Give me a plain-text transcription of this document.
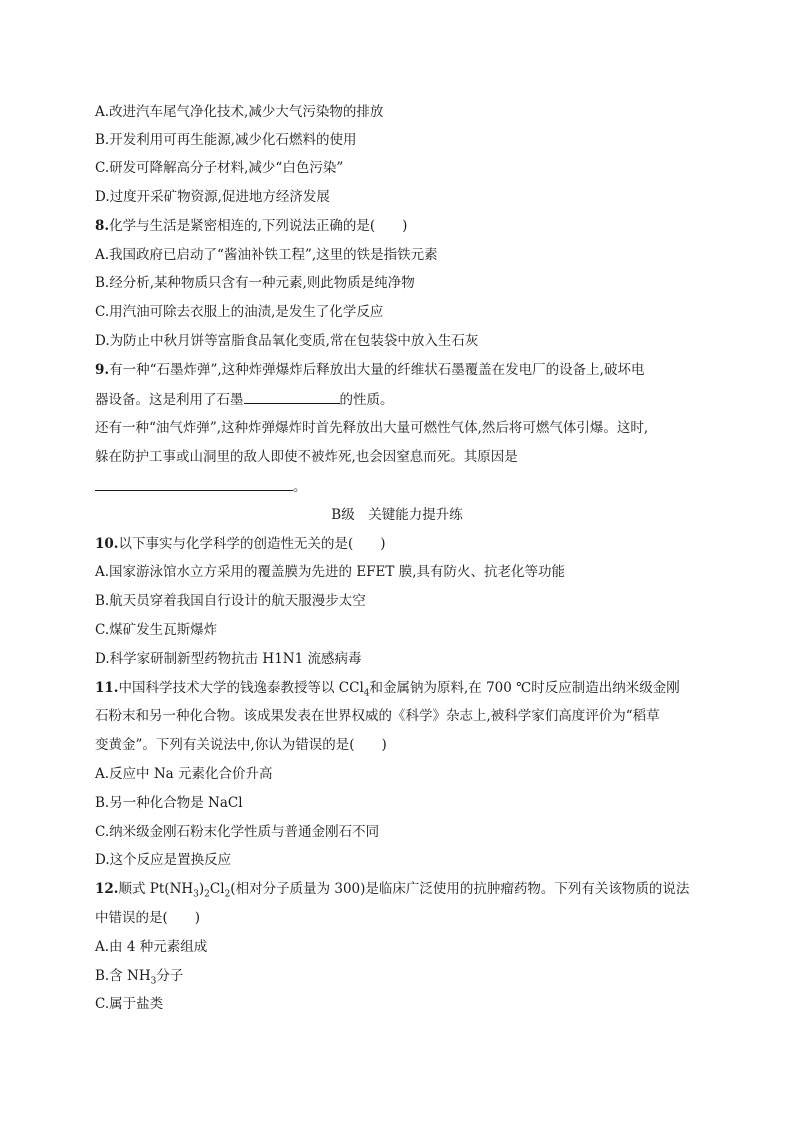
A.改进汽车尾气净化技术,减少大气污染物的排放
B.开发利用可再生能源,减少化石燃料的使用
C.研发可降解高分子材料,减少“白色污染”
D.过度开采矿物资源,促进地方经济发展
8.化学与生活是紧密相连的,下列说法正确的是(　　)
A.我国政府已启动了“酱油补铁工程”,这里的铁是指铁元素
B.经分析,某种物质只含有一种元素,则此物质是纯净物
C.用汽油可除去衣服上的油渍,是发生了化学反应
D.为防止中秋月饼等富脂食品氧化变质,常在包装袋中放入生石灰
9.有一种“石墨炸弹”,这种炸弹爆炸后释放出大量的纤维状石墨覆盖在发电厂的设备上,破坏电
器设备。这是利用了石墨	的性质。
还有一种“油气炸弹”,这种炸弹爆炸时首先释放出大量可燃性气体,然后将可燃气体引爆。这时,
躲在防护工事或山洞里的敌人即使不被炸死,也会因窒息而死。其原因是
。
B级　关键能力提升练
10.以下事实与化学科学的创造性无关的是(　　)
A.国家游泳馆水立方采用的覆盖膜为先进的 EFET 膜,具有防火、抗老化等功能
B.航天员穿着我国自行设计的航天服漫步太空
C.煤矿发生瓦斯爆炸
D.科学家研制新型药物抗击 H1N1 流感病毒
11.中国科学技术大学的钱逸泰教授等以 CCl$_4$和金属钠为原料,在 700 ℃时反应制造出纳米级金刚
石粉末和另一种化合物。该成果发表在世界权威的《科学》杂志上,被科学家们高度评价为“稻草
变黄金”。下列有关说法中,你认为错误的是(　　)
A.反应中 Na 元素化合价升高
B.另一种化合物是 NaCl
C.纳米级金刚石粉末化学性质与普通金刚石不同
D.这个反应是置换反应
12.顺式 $Pt(NH_3)_2Cl_2$(相对分子质量为 300)是临床广泛使用的抗肿瘤药物。下列有关该物质的说法
中错误的是(　　)
A.由 4 种元素组成
B.含 $NH_3$分子
C.属于盐类
